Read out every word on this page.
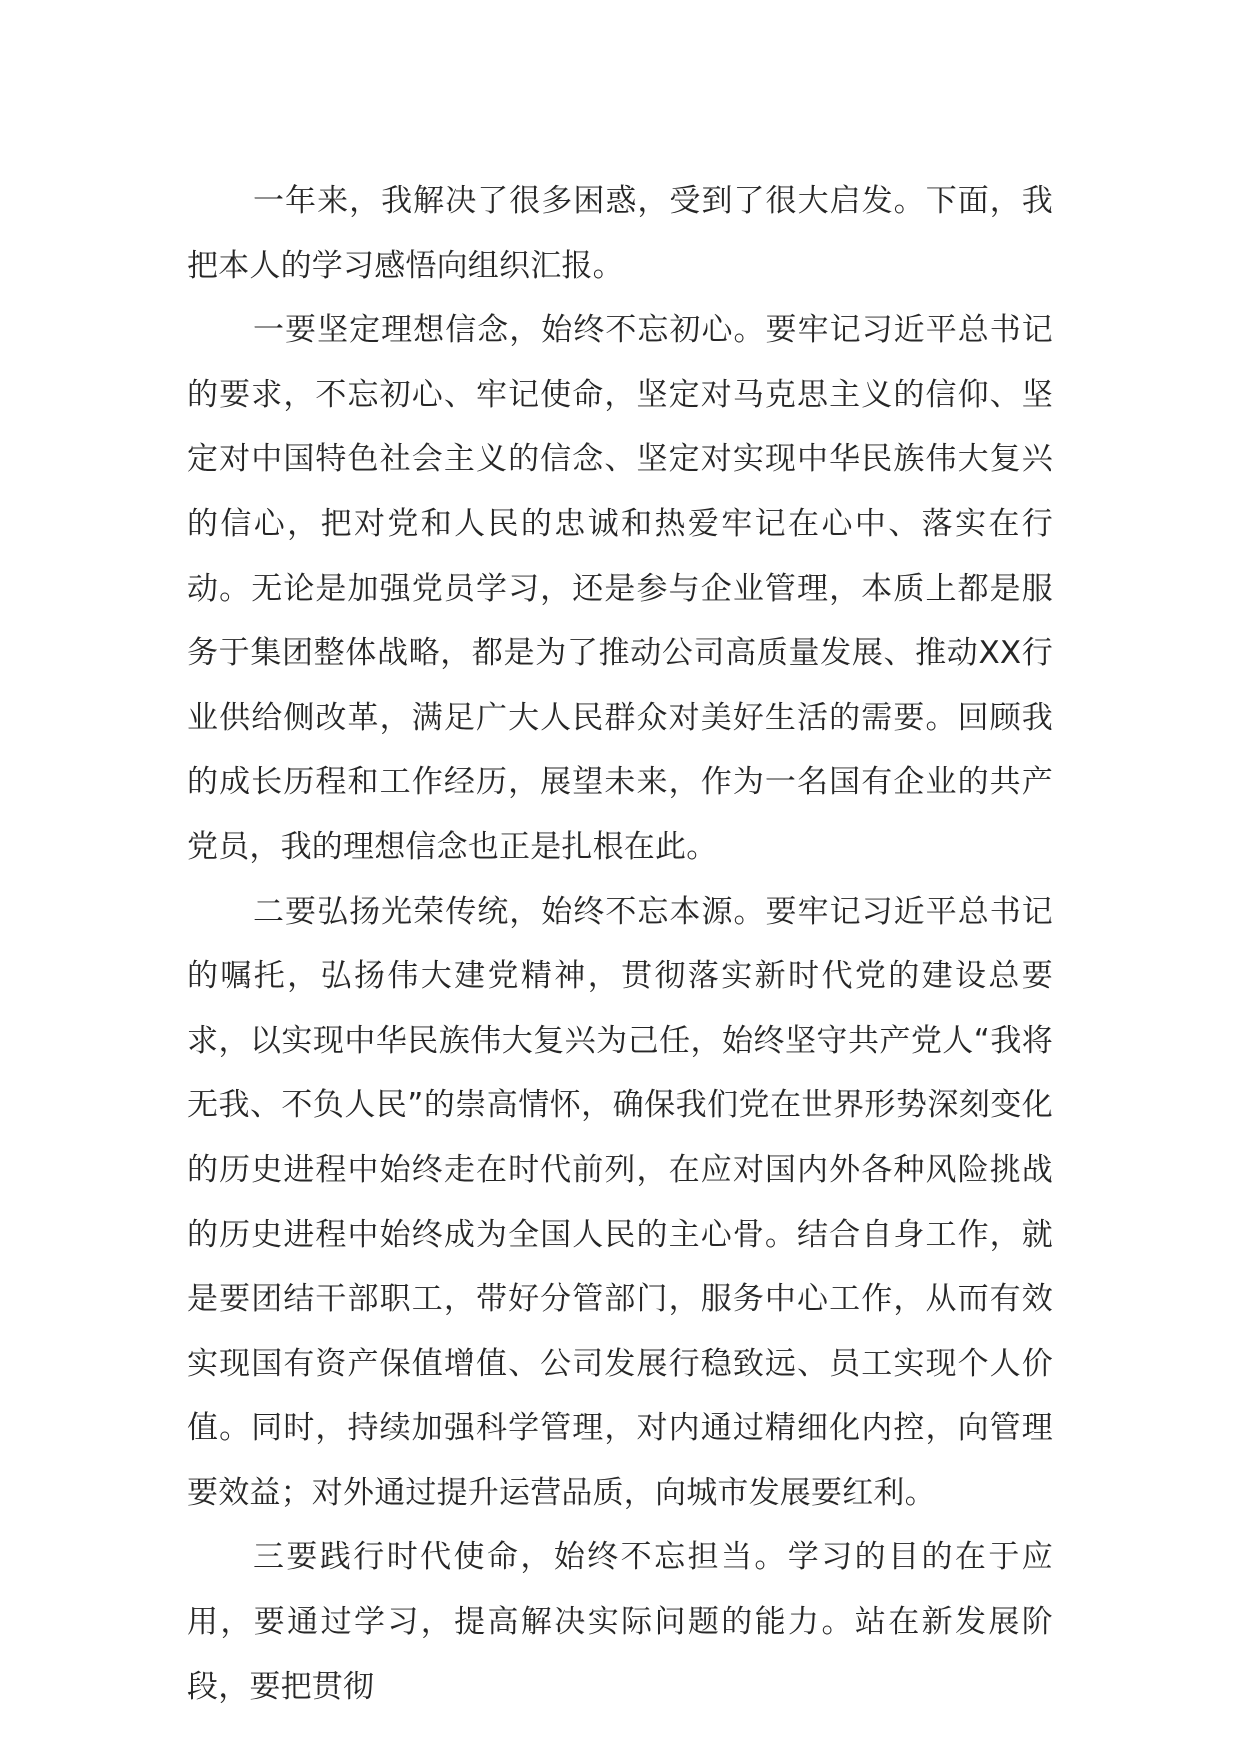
一年来，我解决了很多困惑，受到了很大启发。下面，我把本人的学习感悟向组织汇报。

一要坚定理想信念，始终不忘初心。要牢记习近平总书记的要求，不忘初心、牢记使命，坚定对马克思主义的信仰、坚定对中国特色社会主义的信念、坚定对实现中华民族伟大复兴的信心，把对党和人民的忠诚和热爱牢记在心中、落实在行动。无论是加强党员学习，还是参与企业管理，本质上都是服务于集团整体战略，都是为了推动公司高质量发展、推动XX行业供给侧改革，满足广大人民群众对美好生活的需要。回顾我的成长历程和工作经历，展望未来，作为一名国有企业的共产党员，我的理想信念也正是扎根在此。

二要弘扬光荣传统，始终不忘本源。要牢记习近平总书记的嘱托，弘扬伟大建党精神，贯彻落实新时代党的建设总要求，以实现中华民族伟大复兴为己任，始终坚守共产党人“我将无我、不负人民”的崇高情怀，确保我们党在世界形势深刻变化的历史进程中始终走在时代前列，在应对国内外各种风险挑战的历史进程中始终成为全国人民的主心骨。结合自身工作，就是要团结干部职工，带好分管部门，服务中心工作，从而有效实现国有资产保值增值、公司发展行稳致远、员工实现个人价值。同时，持续加强科学管理，对内通过精细化内控，向管理要效益；对外通过提升运营品质，向城市发展要红利。

三要践行时代使命，始终不忘担当。学习的目的在于应用，要通过学习，提高解决实际问题的能力。站在新发展阶段，要把贯彻
